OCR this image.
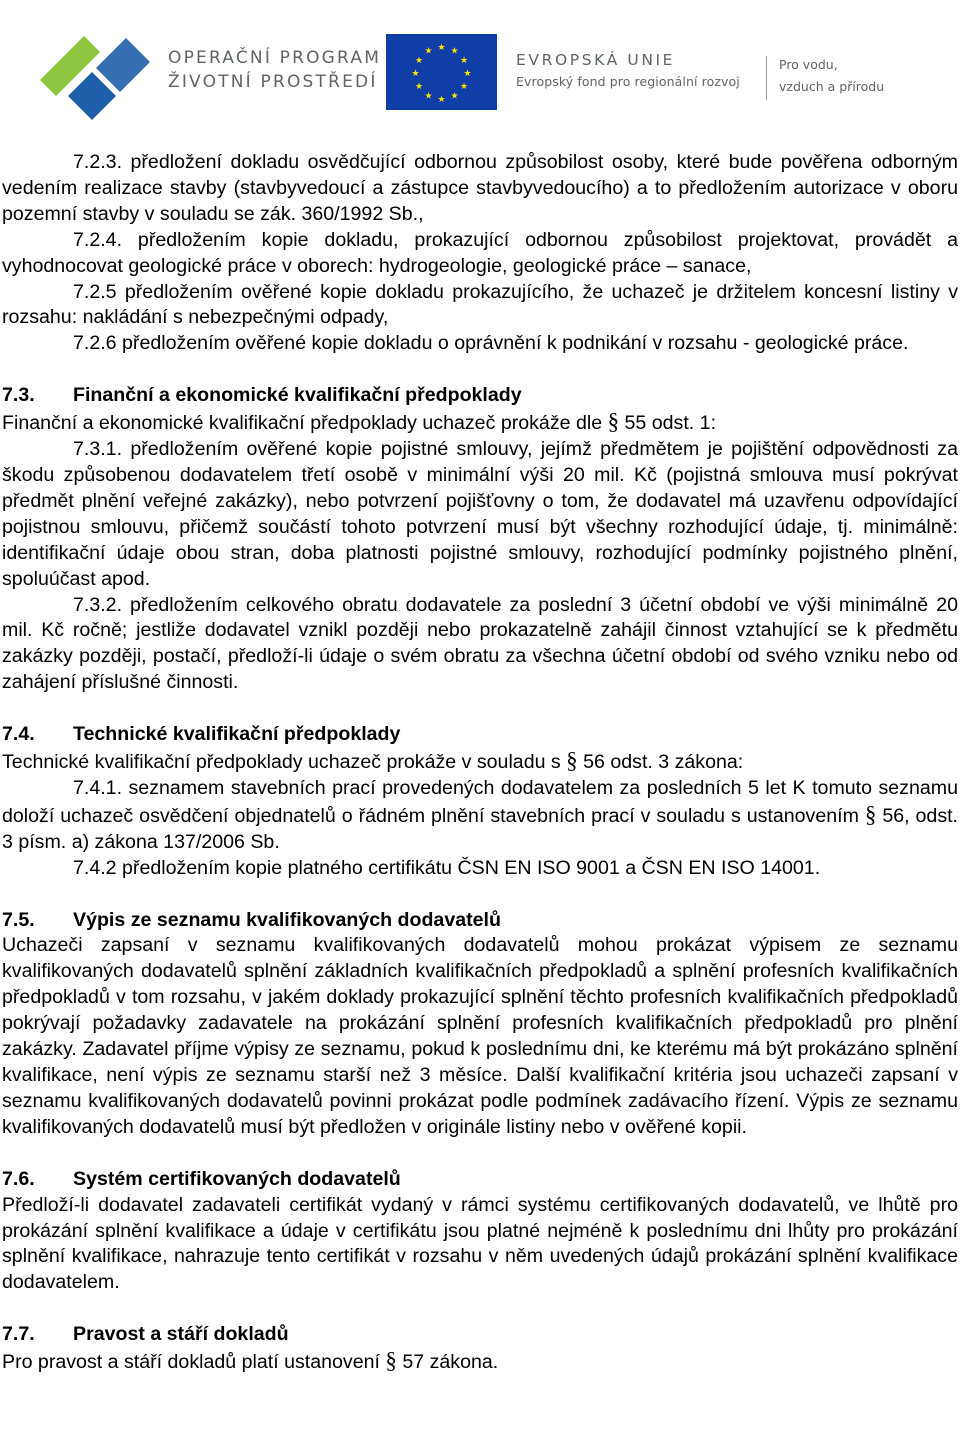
OPERAČNÍ PROGRAM
ŽIVOTNÍ PROSTŘEDÍ
★ ★
★
★
★
★
★
★
★
★
★
★	EVROPSKÁ UNIE
Evropský fond pro regionální rozvoj
Pro vodu,
vzduch a přírodu

7.2.3. předložení dokladu osvědčující odbornou způsobilost osoby, které bude pověřena odborným vedením realizace stavby (stavbyvedoucí a zástupce stavbyvedoucího) a to předložením autorizace v oboru pozemní stavby v souladu se zák. 360/1992 Sb.,

7.2.4. předložením kopie dokladu, prokazující odbornou způsobilost projektovat, provádět a vyhodnocovat geologické práce v oborech: hydrogeologie, geologické práce – sanace,

7.2.5 předložením ověřené kopie dokladu prokazujícího, že uchazeč je držitelem koncesní listiny v rozsahu: nakládání s nebezpečnými odpady,

7.2.6 předložením ověřené kopie dokladu o oprávnění k podnikání v rozsahu - geologické práce.

7.3. Finanční a ekonomické kvalifikační předpoklady

Finanční a ekonomické kvalifikační předpoklady uchazeč prokáže dle § 55 odst. 1:

7.3.1. předložením ověřené kopie pojistné smlouvy, jejímž předmětem je pojištění odpovědnosti za škodu způsobenou dodavatelem třetí osobě v minimální výši 20 mil. Kč (pojistná smlouva musí pokrývat předmět plnění veřejné zakázky), nebo potvrzení pojišťovny o tom, že dodavatel má uzavřenu odpovídající pojistnou smlouvu, přičemž součástí tohoto potvrzení musí být všechny rozhodující údaje, tj. minimálně: identifikační údaje obou stran, doba platnosti pojistné smlouvy, rozhodující podmínky pojistného plnění, spoluúčast apod.

7.3.2. předložením celkového obratu dodavatele za poslední 3 účetní období ve výši minimálně 20 mil. Kč ročně; jestliže dodavatel vznikl později nebo prokazatelně zahájil činnost vztahující se k předmětu zakázky později, postačí, předloží-li údaje o svém obratu za všechna účetní období od svého vzniku nebo od zahájení příslušné činnosti.

7.4. Technické kvalifikační předpoklady

Technické kvalifikační předpoklady uchazeč prokáže v souladu s § 56 odst. 3 zákona:

7.4.1. seznamem stavebních prací provedených dodavatelem za posledních 5 let K tomuto seznamu doloží uchazeč osvědčení objednatelů o řádném plnění stavebních prací v souladu s ustanovením § 56, odst. 3 písm. a) zákona 137/2006 Sb.

7.4.2 předložením kopie platného certifikátu ČSN EN ISO 9001 a ČSN EN ISO 14001.

7.5. Výpis ze seznamu kvalifikovaných dodavatelů

Uchazeči zapsaní v seznamu kvalifikovaných dodavatelů mohou prokázat výpisem ze seznamu kvalifikovaných dodavatelů splnění základních kvalifikačních předpokladů a splnění profesních kvalifikačních předpokladů v tom rozsahu, v jakém doklady prokazující splnění těchto profesních kvalifikačních předpokladů pokrývají požadavky zadavatele na prokázání splnění profesních kvalifikačních předpokladů pro plnění zakázky. Zadavatel příjme výpisy ze seznamu, pokud k poslednímu dni, ke kterému má být prokázáno splnění kvalifikace, není výpis ze seznamu starší než 3 měsíce. Další kvalifikační kritéria jsou uchazeči zapsaní v seznamu kvalifikovaných dodavatelů povinni prokázat podle podmínek zadávacího řízení. Výpis ze seznamu kvalifikovaných dodavatelů musí být předložen v originále listiny nebo v ověřené kopii.

7.6. Systém certifikovaných dodavatelů

Předloží-li dodavatel zadavateli certifikát vydaný v rámci systému certifikovaných dodavatelů, ve lhůtě pro prokázání splnění kvalifikace a údaje v certifikátu jsou platné nejméně k poslednímu dni lhůty pro prokázání splnění kvalifikace, nahrazuje tento certifikát v rozsahu v něm uvedených údajů prokázání splnění kvalifikace dodavatelem.

7.7. Pravost a stáří dokladů

Pro pravost a stáří dokladů platí ustanovení § 57 zákona.
